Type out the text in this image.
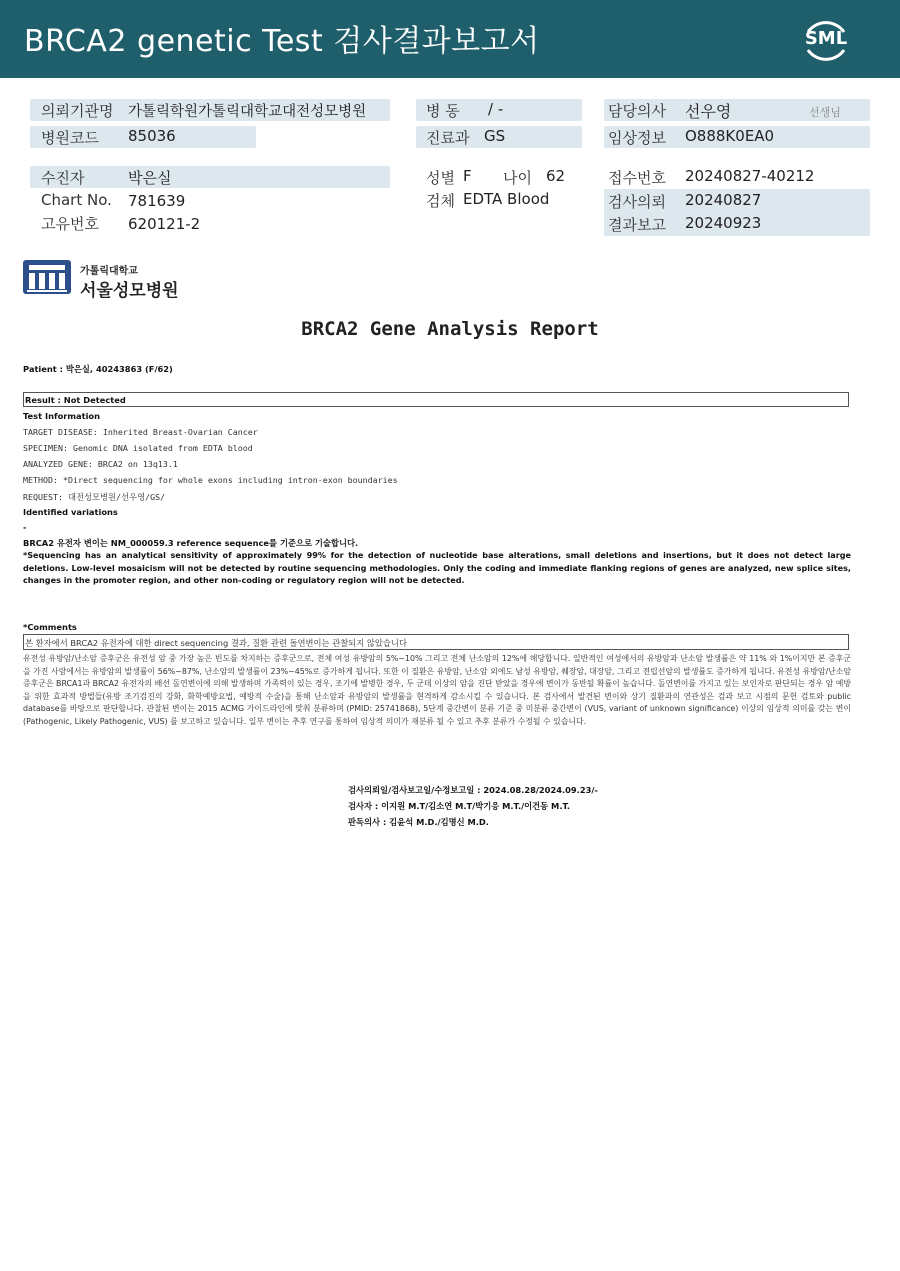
BRCA2 genetic Test 검사결과보고서	SML
의뢰기관명 가톨릭학원가톨릭대학교대전성모병원
병원코드 85036
병 동 / -
진료과 GS
담당의사 선우영	선생님
임상정보 O888K0EA0
수진자	박은실
Chart No. 781639
고유번호 620121-2
성별 F 나이 62
검체 EDTA Blood
접수번호 20240827-40212
검사의뢰 20240827
결과보고 20240923
가톨릭대학교
서울성모병원
BRCA2 Gene Analysis Report
Patient : 박은실, 40243863 (F/62)
Result : Not Detected
Test Information
TARGET DISEASE: Inherited Breast-Ovarian Cancer
SPECIMEN: Genomic DNA isolated from EDTA blood
ANALYZED GENE: BRCA2 on 13q13.1
METHOD: *Direct sequencing for whole exons including intron-exon boundaries
REQUEST: 대전성모병원/선우영/GS/
Identified variations
-
BRCA2 유전자 변이는 NM_000059.3 reference sequence를 기준으로 기술합니다.
*Sequencing has an analytical sensitivity of approximately 99% for the detection of nucleotide base alterations, small deletions and insertions, but it does not detect large deletions. Low-level mosaicism will not be detected by routine sequencing methodologies. Only the coding and immediate flanking regions of genes are analyzed, new splice sites, changes in the promoter region, and other non-coding or regulatory region will not be detected.
*Comments
본 환자에서 BRCA2 유전자에 대한 direct sequencing 결과, 질환 관련 돌연변이는 관찰되지 않았습니다
유전성 유방암/난소암 증후군은 유전성 암 중 가장 높은 빈도를 차지하는 증후군으로, 전체 여성 유방암의 5%~10% 그리고 전체 난소암의 12%에 해당합니다. 일반적인 여성에서의 유방암과 난소암 발생률은 약 11% 와 1%이지만 본 증후군을 가진 사람에서는 유방암의 발생률이 56%~87%, 난소암의 발생률이 23%~45%로 증가하게 됩니다. 또한 이 질환은 유방암, 난소암 외에도 남성 유방암, 췌장암, 대장암, 그리고 전립선암의 발생률도 증가하게 됩니다. 유전성 유방암/난소암 증후군은 BRCA1과 BRCA2 유전자의 배선 돌연변이에 의해 발생하며 가족력이 있는 경우, 조기에 발병한 경우, 두 군데 이상의 암을 진단 받았을 경우에 변이가 동반될 확률이 높습니다. 돌연변이를 가지고 있는 보인자로 판단되는 경우 암 예방을 위한 효과적 방법들(유방 조기검진의 강화, 화학예방요법, 예방적 수술)을 통해 난소암과 유방암의 발생률을 현격하게 감소시킬 수 있습니다. 본 검사에서 발견된 변이와 상기 질환과의 연관성은 검과 보고 시점의 문헌 검토와 public database를 바탕으로 판단합니다. 관찰된 변이는 2015 ACMG 가이드라인에 맞춰 분류하며 (PMID: 25741868), 5단계 중간변이 분류 기준 중 미분류 중간변이 (VUS, variant of unknown significance) 이상의 임상적 의미를 갖는 변이 (Pathogenic, Likely Pathogenic, VUS) 를 보고하고 있습니다. 일부 변이는 추후 연구를 통하여 임상적 의미가 재분류 될 수 있고 추후 분류가 수정될 수 있습니다.
검사의뢰일/검사보고일/수정보고일 : 2024.08.28/2024.09.23/-
검사자 : 이지원 M.T/김소연 M.T/박기응 M.T./이건동 M.T.
판독의사 : 김윤석 M.D./김명신 M.D.
